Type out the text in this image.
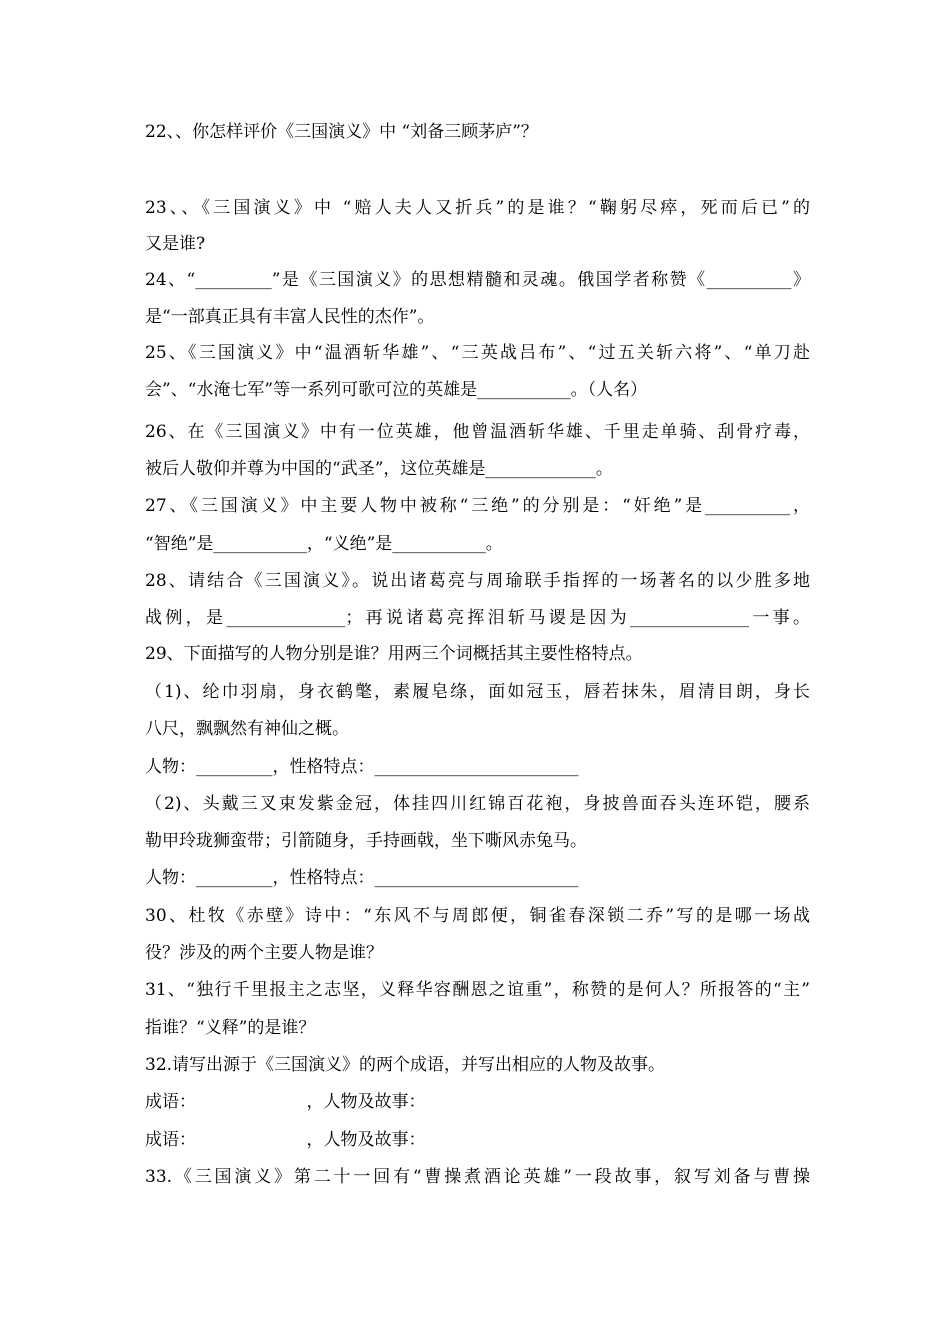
22、、你怎样评价《三国演义》中 “刘备三顾茅庐”？
23、、《三国演义》中 “赔人夫人又折兵”的是谁？“鞠躬尽瘁，死而后已”的
又是谁?
24、“_________”是《三国演义》的思想精髓和灵魂。俄国学者称赞《__________》
是“一部真正具有丰富人民性的杰作”。
25、《三国演义》中“温酒斩华雄”、“三英战吕布”、“过五关斩六将”、“单刀赴
会”、“水淹七军”等一系列可歌可泣的英雄是___________。（人名）
26、在《三国演义》中有一位英雄，他曾温酒斩华雄、千里走单骑、刮骨疗毒，
被后人敬仰并尊为中国的“武圣”，这位英雄是_____________。
27、《三国演义》中主要人物中被称“三绝”的分别是：“奸绝”是__________，
“智绝”是___________，“义绝”是___________。
28、请结合《三国演义》。说出诸葛亮与周瑜联手指挥的一场著名的以少胜多地
战例，是______________；再说诸葛亮挥泪斩马谡是因为______________一事。
29、下面描写的人物分别是谁？用两三个词概括其主要性格特点。
（1)、纶巾羽扇，身衣鹤氅，素履皂绦，面如冠玉，唇若抹朱，眉清目朗，身长
八尺，飘飘然有神仙之概。
人物：_________，性格特点：________________________
（2)、头戴三叉束发紫金冠，体挂四川红锦百花袍，身披兽面吞头连环铠，腰系
勒甲玲珑狮蛮带；引箭随身，手持画戟，坐下嘶风赤兔马。
人物：_________，性格特点：________________________
30、杜牧《赤壁》诗中：“东风不与周郎便，铜雀春深锁二乔”写的是哪一场战
役？涉及的两个主要人物是谁？
31、“独行千里报主之志坚，义释华容酬恩之谊重”，称赞的是何人？所报答的“主”
指谁？“义释”的是谁？
32.请写出源于《三国演义》的两个成语，并写出相应的人物及故事。
成语：　　　　　　　，人物及故事：
成语：　　　　　　　，人物及故事：
33.《三国演义》第二十一回有“曹操煮酒论英雄”一段故事，叙写刘备与曹操
